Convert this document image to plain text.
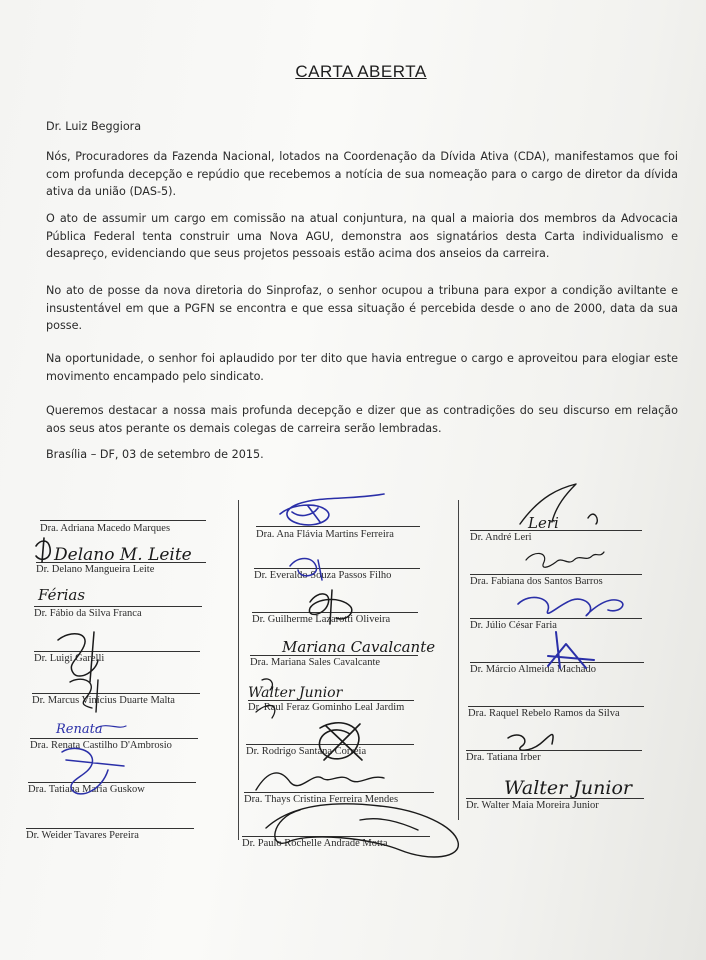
CARTA ABERTA

Dr. Luiz Beggiora

Nós, Procuradores da Fazenda Nacional, lotados na Coordenação da Dívida Ativa (CDA), manifestamos que foi com profunda decepção e repúdio que recebemos a notícia de sua nomeação para o cargo de diretor da dívida ativa da união (DAS-5).

O ato de assumir um cargo em comissão na atual conjuntura, na qual a maioria dos membros da Advocacia Pública Federal tenta construir uma Nova AGU, demonstra aos signatários desta Carta individualismo e desapreço, evidenciando que seus projetos pessoais estão acima dos anseios da carreira.

No ato de posse da nova diretoria do Sinprofaz, o senhor ocupou a tribuna para expor a condição aviltante e insustentável em que a PGFN se encontra e que essa situação é percebida desde o ano de 2000, data da sua posse.

Na oportunidade, o senhor foi aplaudido por ter dito que havia entregue o cargo e aproveitou para elogiar este movimento encampado pelo sindicato.

Queremos destacar a nossa mais profunda decepção e dizer que as contradições do seu discurso em relação aos seus atos perante os demais colegas de carreira serão lembradas.

Brasília – DF, 03 de setembro de 2015.

Dra. Adriana Macedo Marques
Dr. Delano Mangueira Leite
Dr. Fábio da Silva Franca
Dr. Luigi Garelli
Dr. Marcus Vinícius Duarte Malta
Dra. Renata Castilho D'Ambrosio
Dra. Tatiana Maria Guskow
Dr. Weider Tavares Pereira
Dra. Ana Flávia Martins Ferreira
Dr. Everaldo Souza Passos Filho
Dr. Guilherme Lazarotti Oliveira
Dra. Mariana Sales Cavalcante
Dr. Raul Feraz Gominho Leal Jardim
Dr. Rodrigo Santana Correia
Dra. Thays Cristina Ferreira Mendes
Dr. Paulo Rochelle Andrade Motta
Dr. André Leri
Dra. Fabiana dos Santos Barros
Dr. Júlio César Faria
Dr. Márcio Almeida Machado
Dra. Raquel Rebelo Ramos da Silva
Dra. Tatiana Irber
Dr. Walter Maia Moreira Junior
Delano M. Leite
Férias
Renata
Mariana Cavalcante
Walter Junior
Leri
Walter Junior
